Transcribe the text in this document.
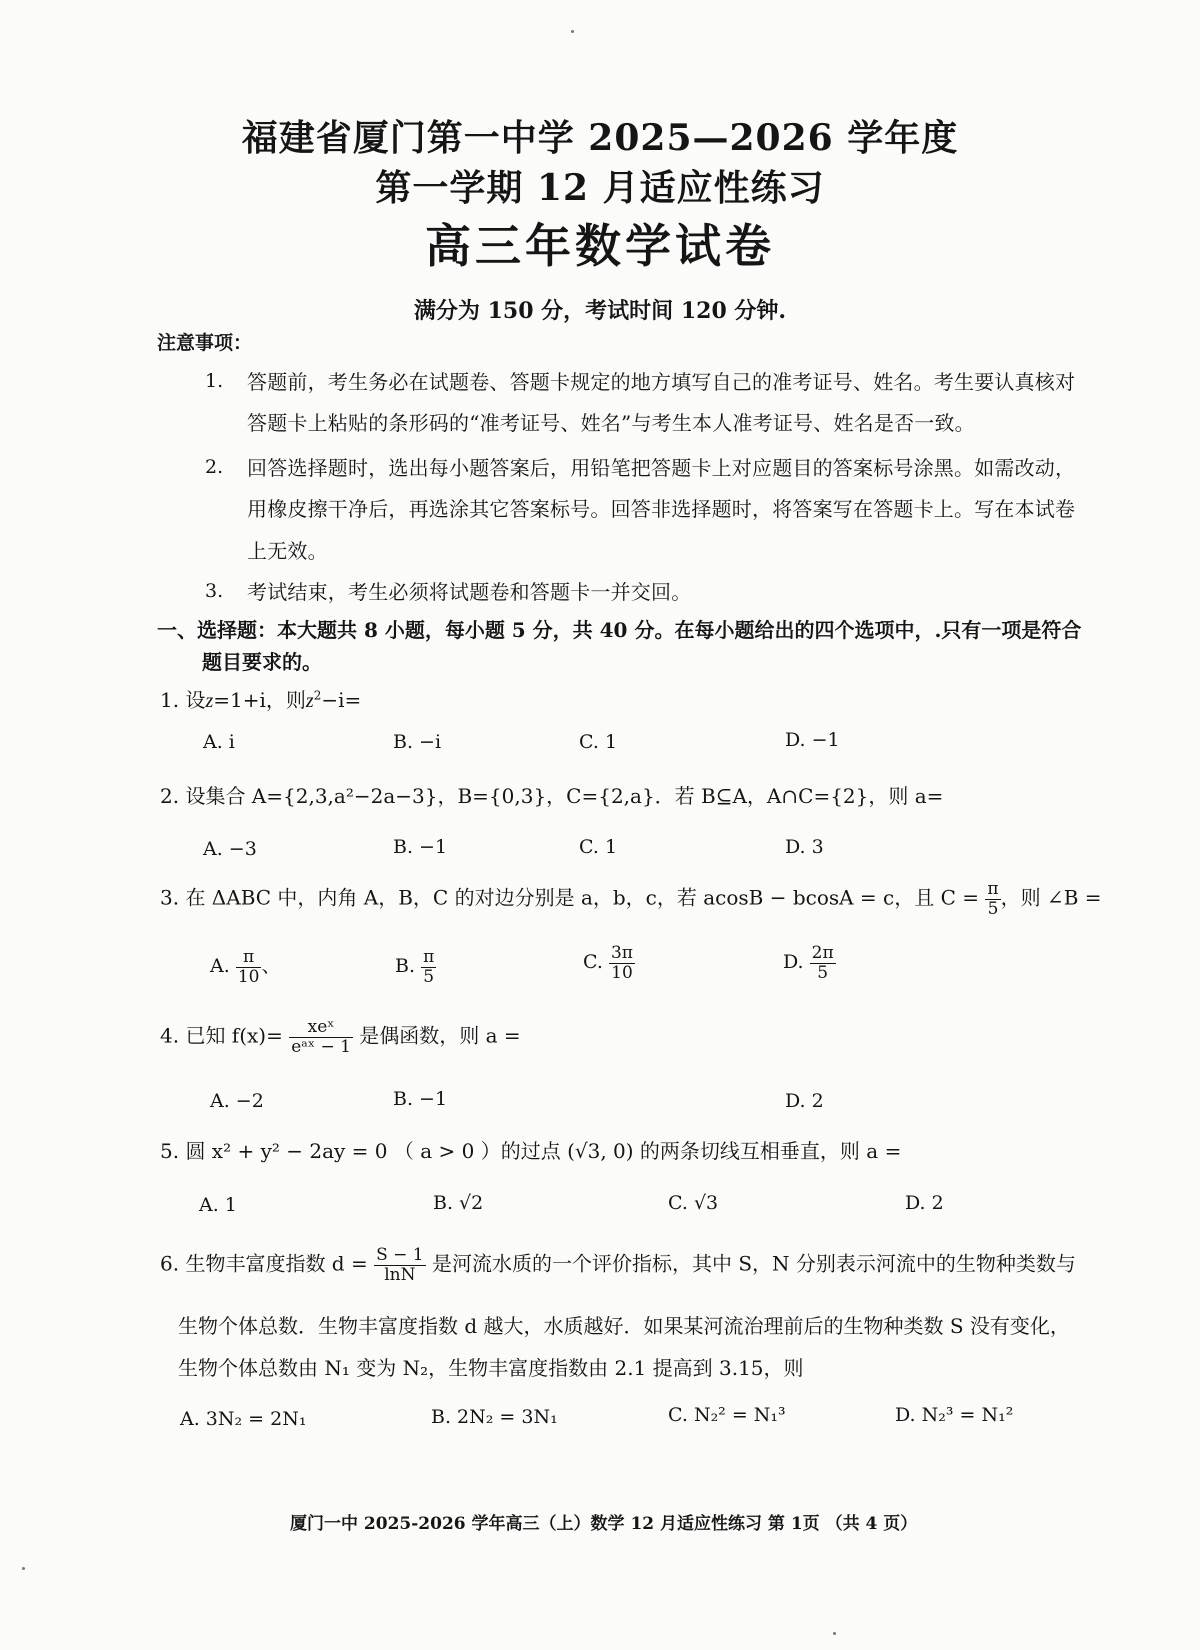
福建省厦门第一中学 2025—2026 学年度
第一学期 12 月适应性练习
高三年数学试卷
满分为 150 分，考试时间 120 分钟.
注意事项：
1. 答题前，考生务必在试题卷、答题卡规定的地方填写自己的准考证号、姓名。考生要认真核对
答题卡上粘贴的条形码的“准考证号、姓名”与考生本人准考证号、姓名是否一致。
2. 回答选择题时，选出每小题答案后，用铅笔把答题卡上对应题目的答案标号涂黑。如需改动，
用橡皮擦干净后，再选涂其它答案标号。回答非选择题时，将答案写在答题卡上。写在本试卷
上无效。
3. 考试结束，考生必须将试题卷和答题卡一并交回。
一、选择题：本大题共 8 小题，每小题 5 分，共 40 分。在每小题给出的四个选项中，.只有一项是符合
题目要求的。
1. 设z=1+i，则$z^2-i=$
A. i	B. −i	C. 1	D. −1
2. 设集合 A={2,3,a²−2a−3}，B={0,3}，C={2,a}．若 B⊆A，A∩C={2}，则 a=
A. −3	B. −1	C. 1	D. 3
3. 在 ΔABC 中，内角 A，B，C 的对边分别是 a，b，c，若 acosB − bcosA = c，且 $C = \frac{\pi}{5}$ ，则 ∠B =
A. $\frac{\pi}{10}$ 、	B. $\frac{\pi}{5}$	C. $\frac{3\pi}{10}$	D. $\frac{2\pi}{5}$
4. 已知 $f(x)= \frac{\text{xeˣ}}{\text{eᵃˣ − 1}}$ 是偶函数，则 a =
A. −2	B. −1	D. 2
5. 圆 x² + y² − 2ay = 0 （ a > 0 ）的过点 (√3, 0) 的两条切线互相垂直，则 a =
A. 1	B. √2	C. √3	D. 2
6. 生物丰富度指数 $d = \frac{S - 1}{\ln N}$ 是河流水质的一个评价指标，其中 S，N 分别表示河流中的生物种类数与
生物个体总数．生物丰富度指数 d 越大，水质越好．如果某河流治理前后的生物种类数 S 没有变化，
生物个体总数由 N₁ 变为 N₂，生物丰富度指数由 2.1 提高到 3.15，则
A. 3N₂ = 2N₁	B. 2N₂ = 3N₁	C. N₂² = N₁³	D. N₂³ = N₁²
厦门一中 2025-2026 学年高三（上）数学 12 月适应性练习 第 1页 （共 4 页）
